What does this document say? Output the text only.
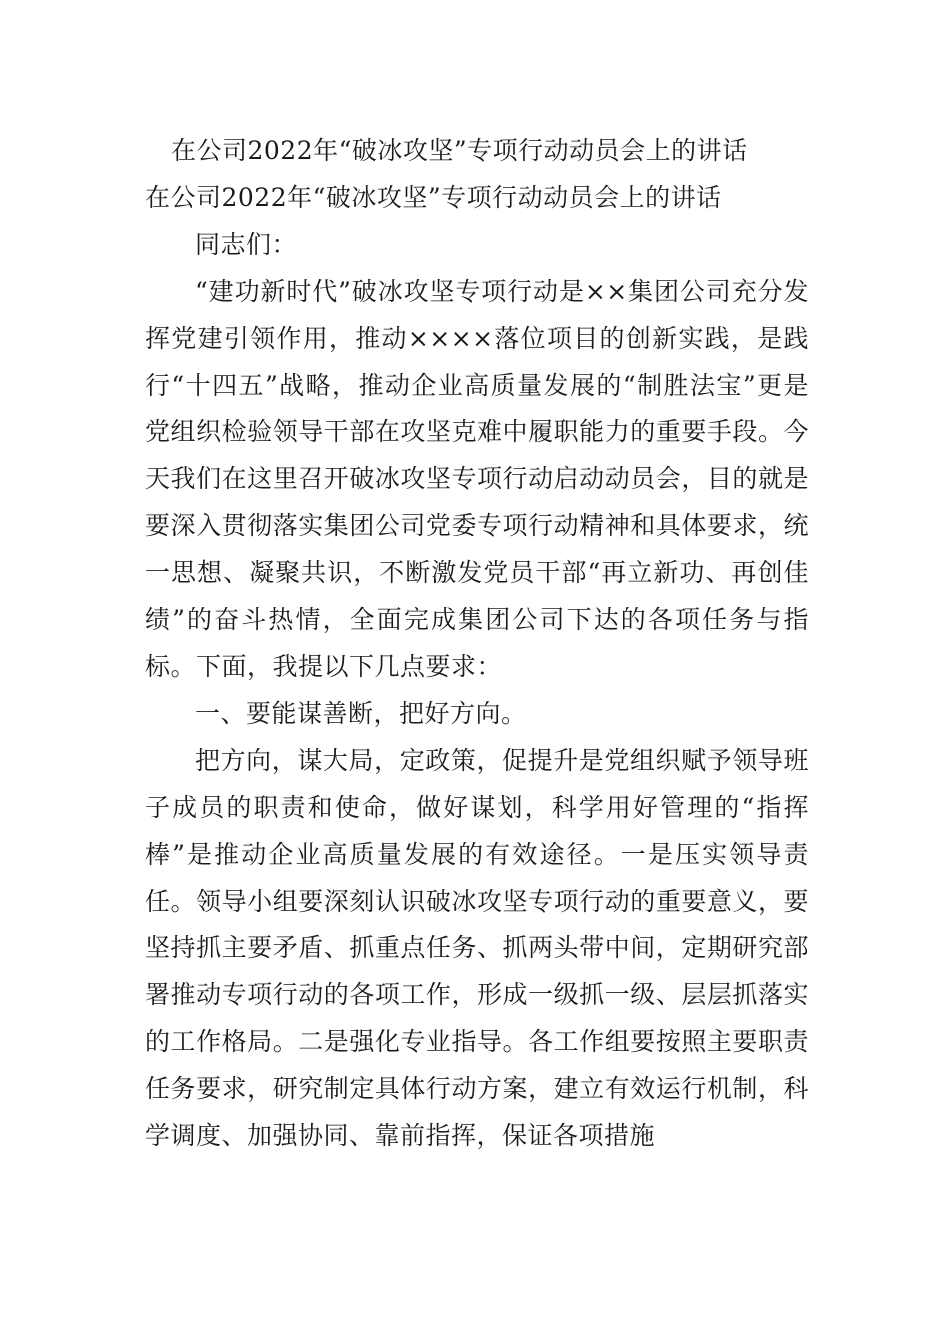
在公司2022年“破冰攻坚”专项行动动员会上的讲话
在公司2022年“破冰攻坚”专项行动动员会上的讲话

同志们：

“建功新时代”破冰攻坚专项行动是××集团公司充分发挥党建引领作用，推动××××落位项目的创新实践，是践行“十四五”战略，推动企业高质量发展的“制胜法宝”更是党组织检验领导干部在攻坚克难中履职能力的重要手段。今天我们在这里召开破冰攻坚专项行动启动动员会，目的就是要深入贯彻落实集团公司党委专项行动精神和具体要求，统一思想、凝聚共识，不断激发党员干部“再立新功、再创佳绩”的奋斗热情，全面完成集团公司下达的各项任务与指标。下面，我提以下几点要求：

一、要能谋善断，把好方向。

把方向，谋大局，定政策，促提升是党组织赋予领导班子成员的职责和使命，做好谋划，科学用好管理的“指挥棒”是推动企业高质量发展的有效途径。一是压实领导责任。领导小组要深刻认识破冰攻坚专项行动的重要意义，要坚持抓主要矛盾、抓重点任务、抓两头带中间，定期研究部署推动专项行动的各项工作，形成一级抓一级、层层抓落实的工作格局。二是强化专业指导。各工作组要按照主要职责任务要求，研究制定具体行动方案，建立有效运行机制，科学调度、加强协同、靠前指挥，保证各项措施
